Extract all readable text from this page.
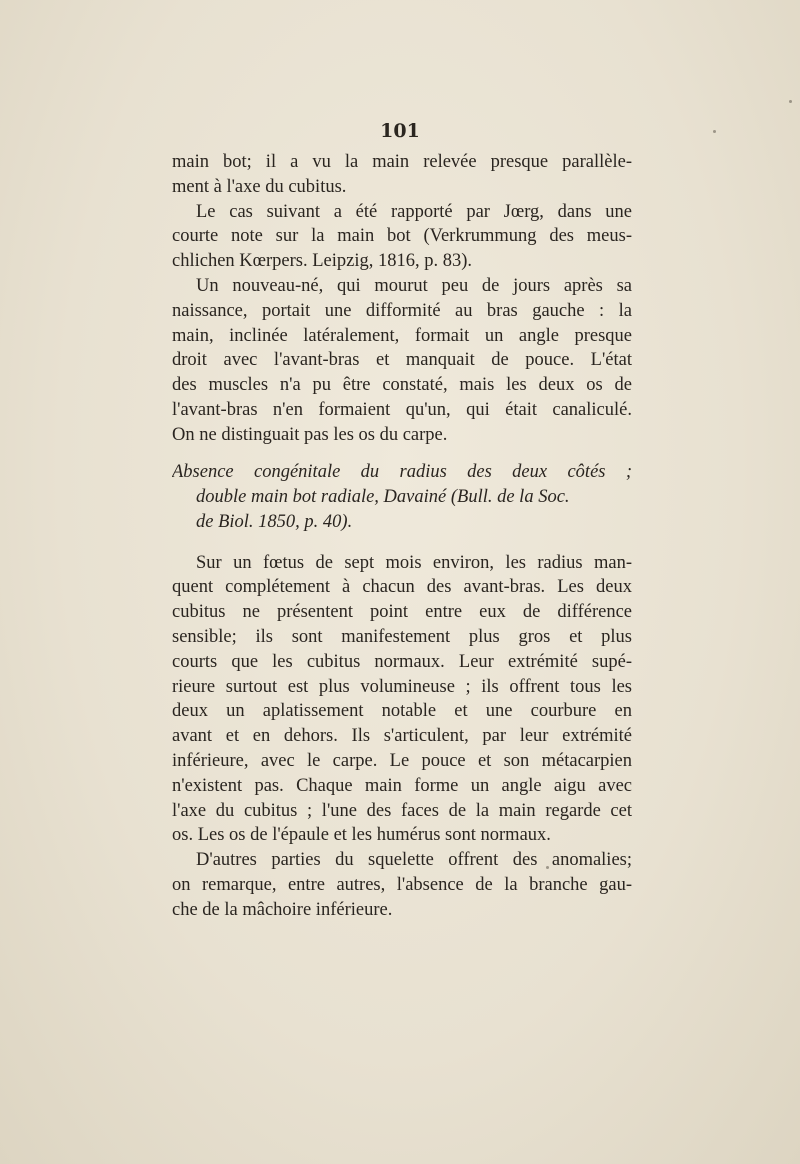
101
main bot; il a vu la main relevée presque parallèle-
ment à l'axe du cubitus.
Le cas suivant a été rapporté par Jœrg, dans une
courte note sur la main bot (Verkrummung des meus-
chlichen Kœrpers. Leipzig, 1816, p. 83).
Un nouveau-né, qui mourut peu de jours après sa
naissance, portait une difformité au bras gauche : la
main, inclinée latéralement, formait un angle presque
droit avec l'avant-bras et manquait de pouce. L'état
des muscles n'a pu être constaté, mais les deux os de
l'avant-bras n'en formaient qu'un, qui était canaliculé.
On ne distinguait pas les os du carpe.
Absence congénitale du radius des deux côtés ;
double main bot radiale, Davainé (Bull. de la Soc.
de Biol. 1850, p. 40).
Sur un fœtus de sept mois environ, les radius man-
quent complétement à chacun des avant-bras. Les deux
cubitus ne présentent point entre eux de différence
sensible; ils sont manifestement plus gros et plus
courts que les cubitus normaux. Leur extrémité supé-
rieure surtout est plus volumineuse ; ils offrent tous les
deux un aplatissement notable et une courbure en
avant et en dehors. Ils s'articulent, par leur extrémité
inférieure, avec le carpe. Le pouce et son métacarpien
n'existent pas. Chaque main forme un angle aigu avec
l'axe du cubitus ; l'une des faces de la main regarde cet
os. Les os de l'épaule et les humérus sont normaux.
D'autres parties du squelette offrent des anomalies;
on remarque, entre autres, l'absence de la branche gau-
che de la mâchoire inférieure.
